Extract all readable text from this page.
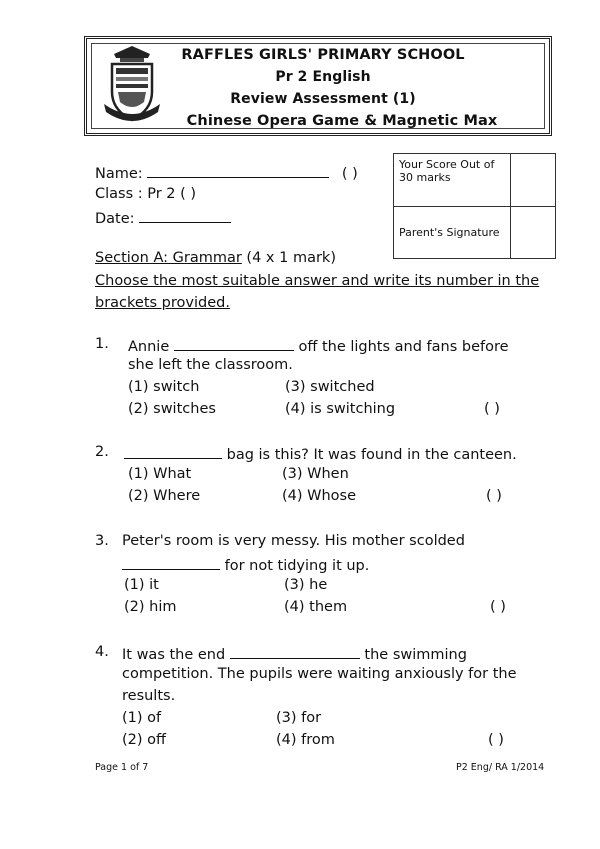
RAFFLES GIRLS' PRIMARY SCHOOL
Pr 2 English
Review Assessment (1)
Chinese Opera Game & Magnetic Max
Name:	( )
Class : Pr 2 ( )
Date:
Your Score Out of 30 marks	
Parent's Signature	
Section A: Grammar (4 x 1 mark)
Choose the most suitable answer and write its number in the
brackets provided.
1. Annie	off the lights and fans before
she left the classroom.
(1) switch	(3) switched
(2) switches	(4) is switching	( )
2.	bag is this? It was found in the canteen.
(1) What	(3) When
(2) Where	(4) Whose	( )
3. Peter's room is very messy. His mother scolded
for not tidying it up.
(1) it	(3) he
(2) him	(4) them	( )
4. It was the end	the swimming
competition. The pupils were waiting anxiously for the
results.
(1) of	(3) for
(2) off	(4) from	( )
Page 1 of 7	P2 Eng/ RA 1/2014
